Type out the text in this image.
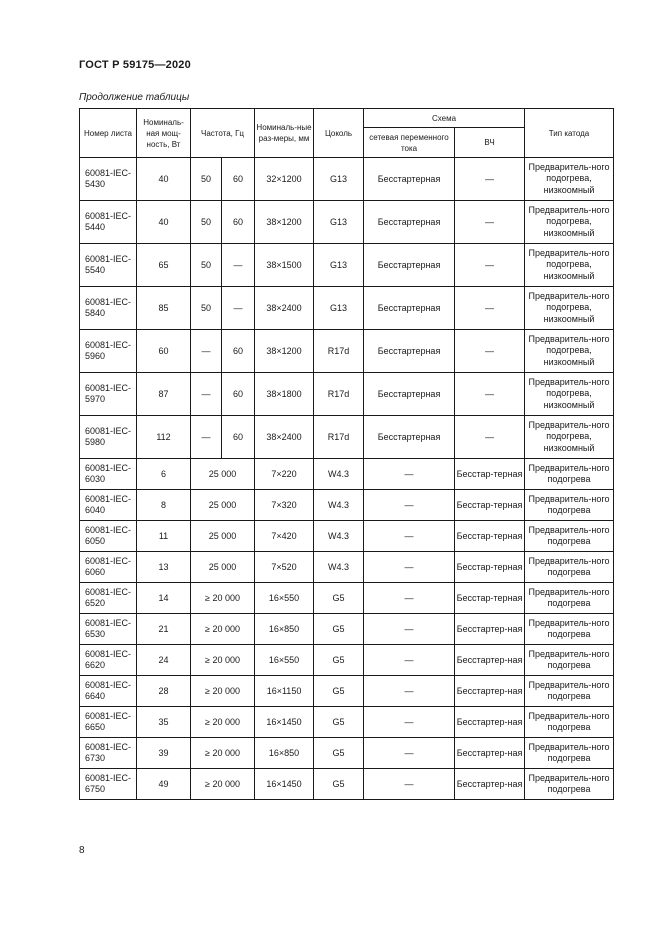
ГОСТ Р 59175—2020
Продолжение таблицы
Номер листа	Номиналь-ная мощ-ность, Вт	Частота, Гц		Номиналь-ные раз-меры, мм	Цоколь	Схема		Тип катода
						сетевая переменного тока	ВЧ	
60081-IEC-5430	40	50	60	32×1200	G13	Бесстартерная	—	Предваритель-ного подогрева, низкоомный
60081-IEC-5440	40	50	60	38×1200	G13	Бесстартерная	—	Предваритель-ного подогрева, низкоомный
60081-IEC-5540	65	50	—	38×1500	G13	Бесстартерная	—	Предваритель-ного подогрева, низкоомный
60081-IEC-5840	85	50	—	38×2400	G13	Бесстартерная	—	Предваритель-ного подогрева, низкоомный
60081-IEC-5960	60	—	60	38×1200	R17d	Бесстартерная	—	Предваритель-ного подогрева, низкоомный
60081-IEC-5970	87	—	60	38×1800	R17d	Бесстартерная	—	Предваритель-ного подогрева, низкоомный
60081-IEC-5980	112	—	60	38×2400	R17d	Бесстартерная	—	Предваритель-ного подогрева, низкоомный
60081-IEC-6030	6	25 000		7×220	W4.3	—	Бесстар-терная	Предваритель-ного подогрева
60081-IEC-6040	8	25 000		7×320	W4.3	—	Бесстар-терная	Предваритель-ного подогрева
60081-IEC-6050	11	25 000		7×420	W4.3	—	Бесстар-терная	Предваритель-ного подогрева
60081-IEC-6060	13	25 000		7×520	W4.3	—	Бесстар-терная	Предваритель-ного подогрева
60081-IEC-6520	14	≥ 20 000		16×550	G5	—	Бесстар-терная	Предваритель-ного подогрева
60081-IEC-6530	21	≥ 20 000		16×850	G5	—	Бесстартер-ная	Предваритель-ного подогрева
60081-IEC-6620	24	≥ 20 000		16×550	G5	—	Бесстартер-ная	Предваритель-ного подогрева
60081-IEC-6640	28	≥ 20 000		16×1150	G5	—	Бесстартер-ная	Предваритель-ного подогрева
60081-IEC-6650	35	≥ 20 000		16×1450	G5	—	Бесстартер-ная	Предваритель-ного подогрева
60081-IEC-6730	39	≥ 20 000		16×850	G5	—	Бесстартер-ная	Предваритель-ного подогрева
60081-IEC-6750	49	≥ 20 000		16×1450	G5	—	Бесстартер-ная	Предваритель-ного подогрева
8
